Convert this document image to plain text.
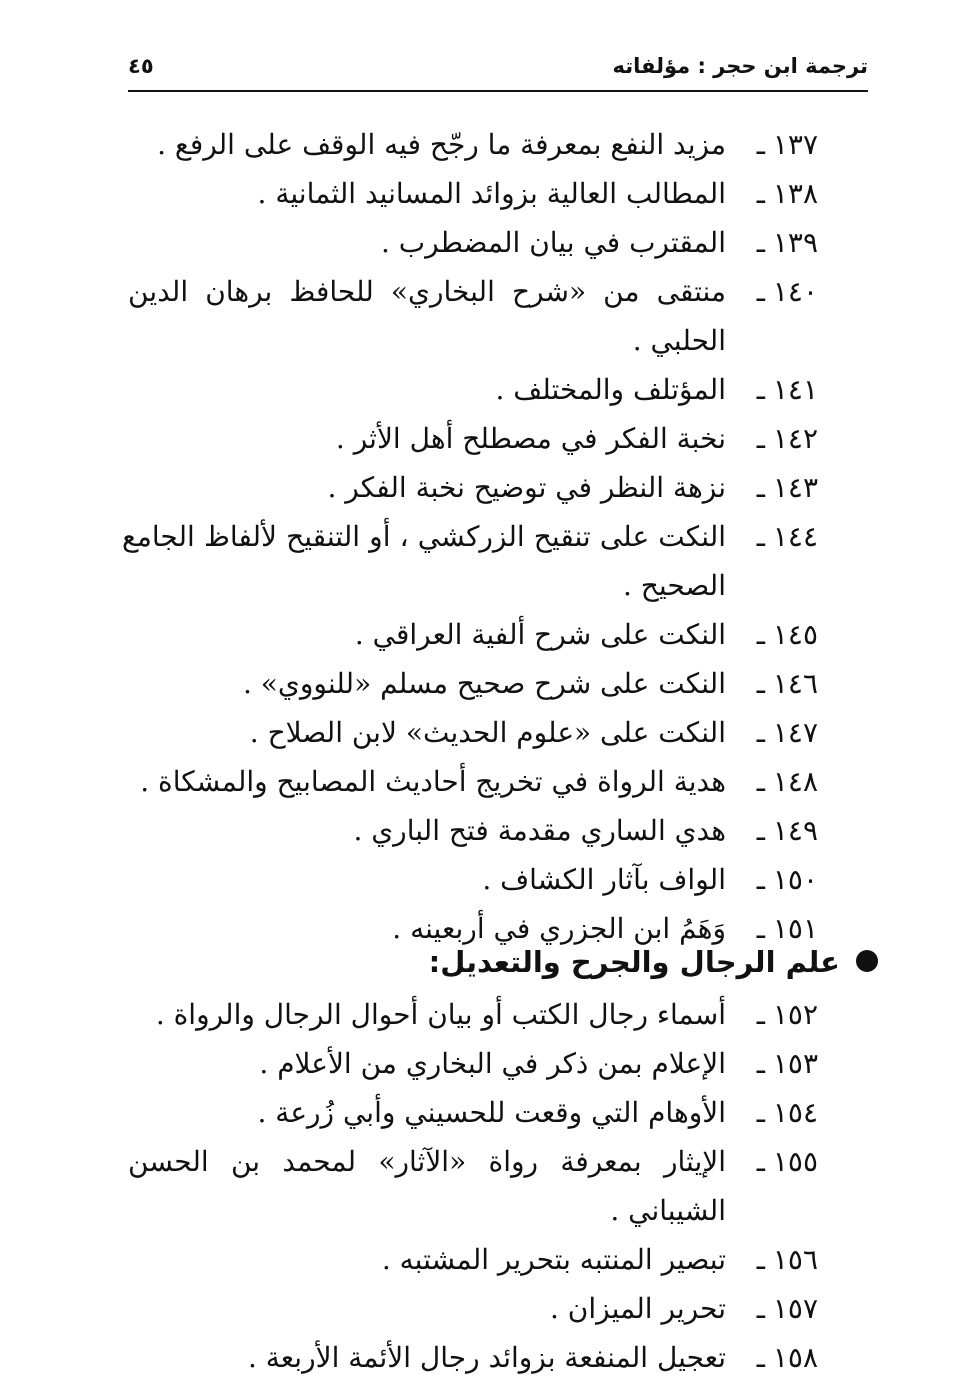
ترجمة ابن حجر : مؤلفاته
٤٥
١٣٧
ـ
مزيد النفع بمعرفة ما رجّح فيه الوقف على الرفع .
١٣٨
ـ
المطالب العالية بزوائد المسانيد الثمانية .
١٣٩
ـ
المقترب في بيان المضطرب .
١٤٠
ـ
منتقى من «شرح البخاري» للحافظ برهان الدين الحلبي .
١٤١
ـ
المؤتلف والمختلف .
١٤٢
ـ
نخبة الفكر في مصطلح أهل الأثر .
١٤٣
ـ
نزهة النظر في توضيح نخبة الفكر .
١٤٤
ـ
النكت على تنقيح الزركشي ، أو التنقيح لألفاظ الجامع الصحيح .
١٤٥
ـ
النكت على شرح ألفية العراقي .
١٤٦
ـ
النكت على شرح صحيح مسلم «للنووي» .
١٤٧
ـ
النكت على «علوم الحديث» لابن الصلاح .
١٤٨
ـ
هدية الرواة في تخريج أحاديث المصابيح والمشكاة .
١٤٩
ـ
هدي الساري مقدمة فتح الباري .
١٥٠
ـ
الواف بآثار الكشاف .
١٥١
ـ
وَهَمُ ابن الجزري في أربعينه .
علم الرجال والجرح والتعديل:
١٥٢
ـ
أسماء رجال الكتب أو بيان أحوال الرجال والرواة .
١٥٣
ـ
الإعلام بمن ذكر في البخاري من الأعلام .
١٥٤
ـ
الأوهام التي وقعت للحسيني وأبي زُرعة .
١٥٥
ـ
الإيثار بمعرفة رواة «الآثار» لمحمد بن الحسن الشيباني .
١٥٦
ـ
تبصير المنتبه بتحرير المشتبه .
١٥٧
ـ
تحرير الميزان .
١٥٨
ـ
تعجيل المنفعة بزوائد رجال الأئمة الأربعة .
